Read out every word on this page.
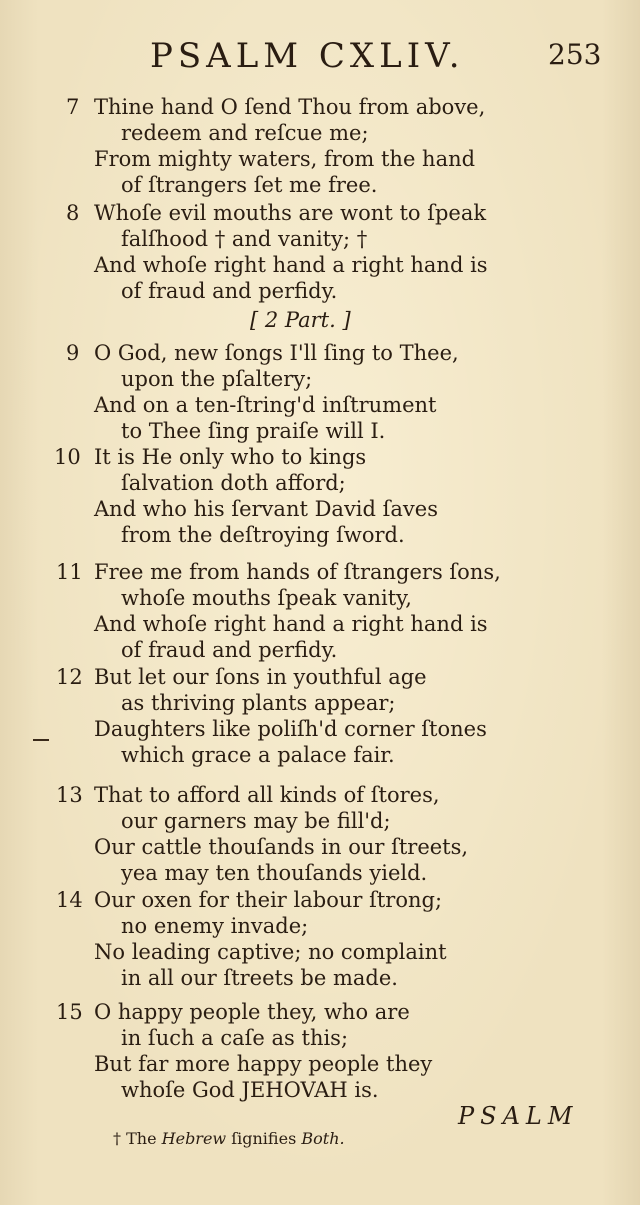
PSALM CXLIV.	253
7 Thine hand O ſend Thou from above,
redeem and reſcue me;
From mighty waters, from the hand
of ſtrangers ſet me free.
8 Whoſe evil mouths are wont to ſpeak
falſhood † and vanity; †
And whoſe right hand a right hand is
of fraud and perfidy.
[ 2 Part. ]
9 O God, new ſongs I'll ſing to Thee,
upon the pſaltery;
And on a ten-ſtring'd inſtrument
to Thee ſing praiſe will I.
10 It is He only who to kings
ſalvation doth afford;
And who his ſervant David ſaves
from the deſtroying ſword.
11 Free me from hands of ſtrangers ſons,
whoſe mouths ſpeak vanity,
And whoſe right hand a right hand is
of fraud and perfidy.
12 But let our ſons in youthful age
as thriving plants appear;
Daughters like poliſh'd corner ſtones
which grace a palace fair.
13 That to afford all kinds of ſtores,
our garners may be fill'd;
Our cattle thouſands in our ſtreets,
yea may ten thouſands yield.
14 Our oxen for their labour ſtrong;
no enemy invade;
No leading captive; no complaint
in all our ſtreets be made.
15 O happy people they, who are
in ſuch a caſe as this;
But far more happy people they
whoſe God JEHOVAH is.
PSALM
† The Hebrew ſignifies Both.
